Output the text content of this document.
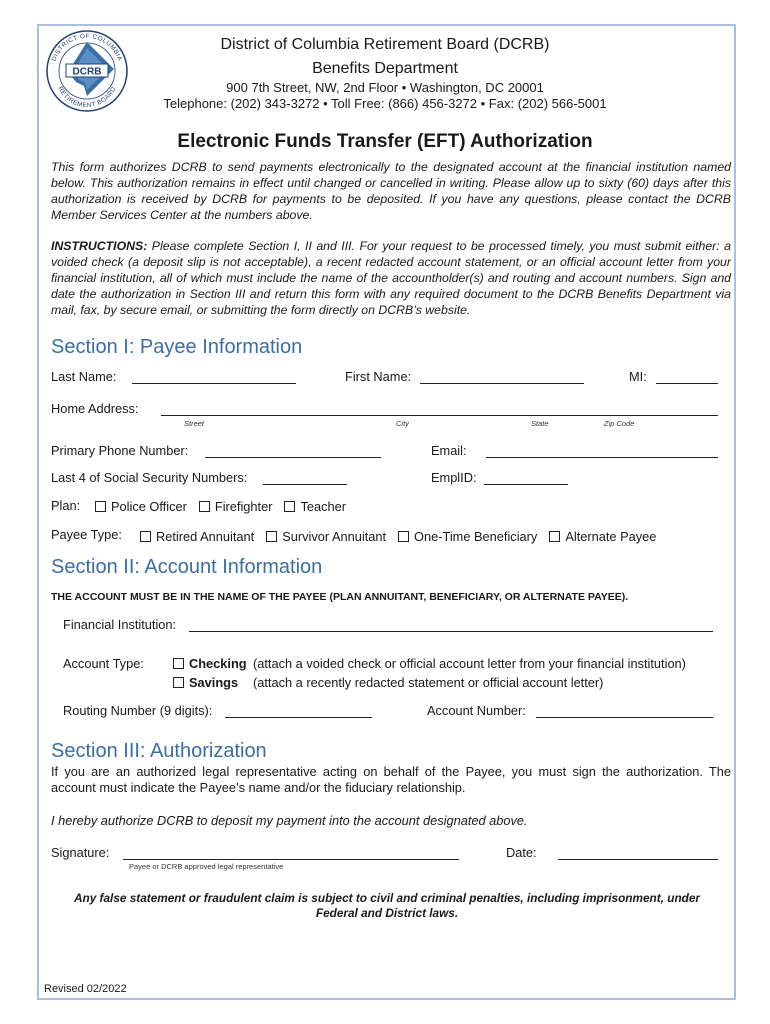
DCRB
DISTRICT OF COLUMBIA
RETIREMENT BOARD
District of Columbia Retirement Board (DCRB)
Benefits Department
900 7th Street, NW, 2nd Floor • Washington, DC 20001
Telephone: (202) 343-3272 • Toll Free: (866) 456-3272 • Fax: (202) 566-5001
Electronic Funds Transfer (EFT) Authorization
This form authorizes DCRB to send payments electronically to the designated account at the financial institution named below. This authorization remains in effect until changed or cancelled in writing. Please allow up to sixty (60) days after this authorization is received by DCRB for payments to be deposited. If you have any questions, please contact the DCRB Member Services Center at the numbers above.
INSTRUCTIONS: Please complete Section I, II and III. For your request to be processed timely, you must submit either: a voided check (a deposit slip is not acceptable), a recent redacted account statement, or an official account letter from your financial institution, all of which must include the name of the accountholder(s) and routing and account numbers. Sign and date the authorization in Section III and return this form with any required document to the DCRB Benefits Department via mail, fax, by secure email, or submitting the form directly on DCRB’s website.
Section I: Payee Information
Last Name:	First Name:	MI:
Home Address:
Street	City	State	Zip Code
Primary Phone Number:	Email:
Last 4 of Social Security Numbers:	EmplID:
Plan:	Police Officer Firefighter Teacher
Payee Type:	Retired Annuitant Survivor Annuitant One-Time Beneficiary Alternate Payee
Section II: Account Information
THE ACCOUNT MUST BE IN THE NAME OF THE PAYEE (PLAN ANNUITANT, BENEFICIARY, OR ALTERNATE PAYEE).
Financial Institution:
Account Type:	Checking (attach a voided check or official account letter from your financial institution)
Savings (attach a recently redacted statement or official account letter)
Routing Number (9 digits):	Account Number:
Section III: Authorization
If you are an authorized legal representative acting on behalf of the Payee, you must sign the authorization. The account must indicate the Payee’s name and/or the fiduciary relationship.
I hereby authorize DCRB to deposit my payment into the account designated above.
Signature:
Payee or DCRB approved legal representative
Date:
Any false statement or fraudulent claim is subject to civil and criminal penalties, including imprisonment, under Federal and District laws.
Revised 02/2022
